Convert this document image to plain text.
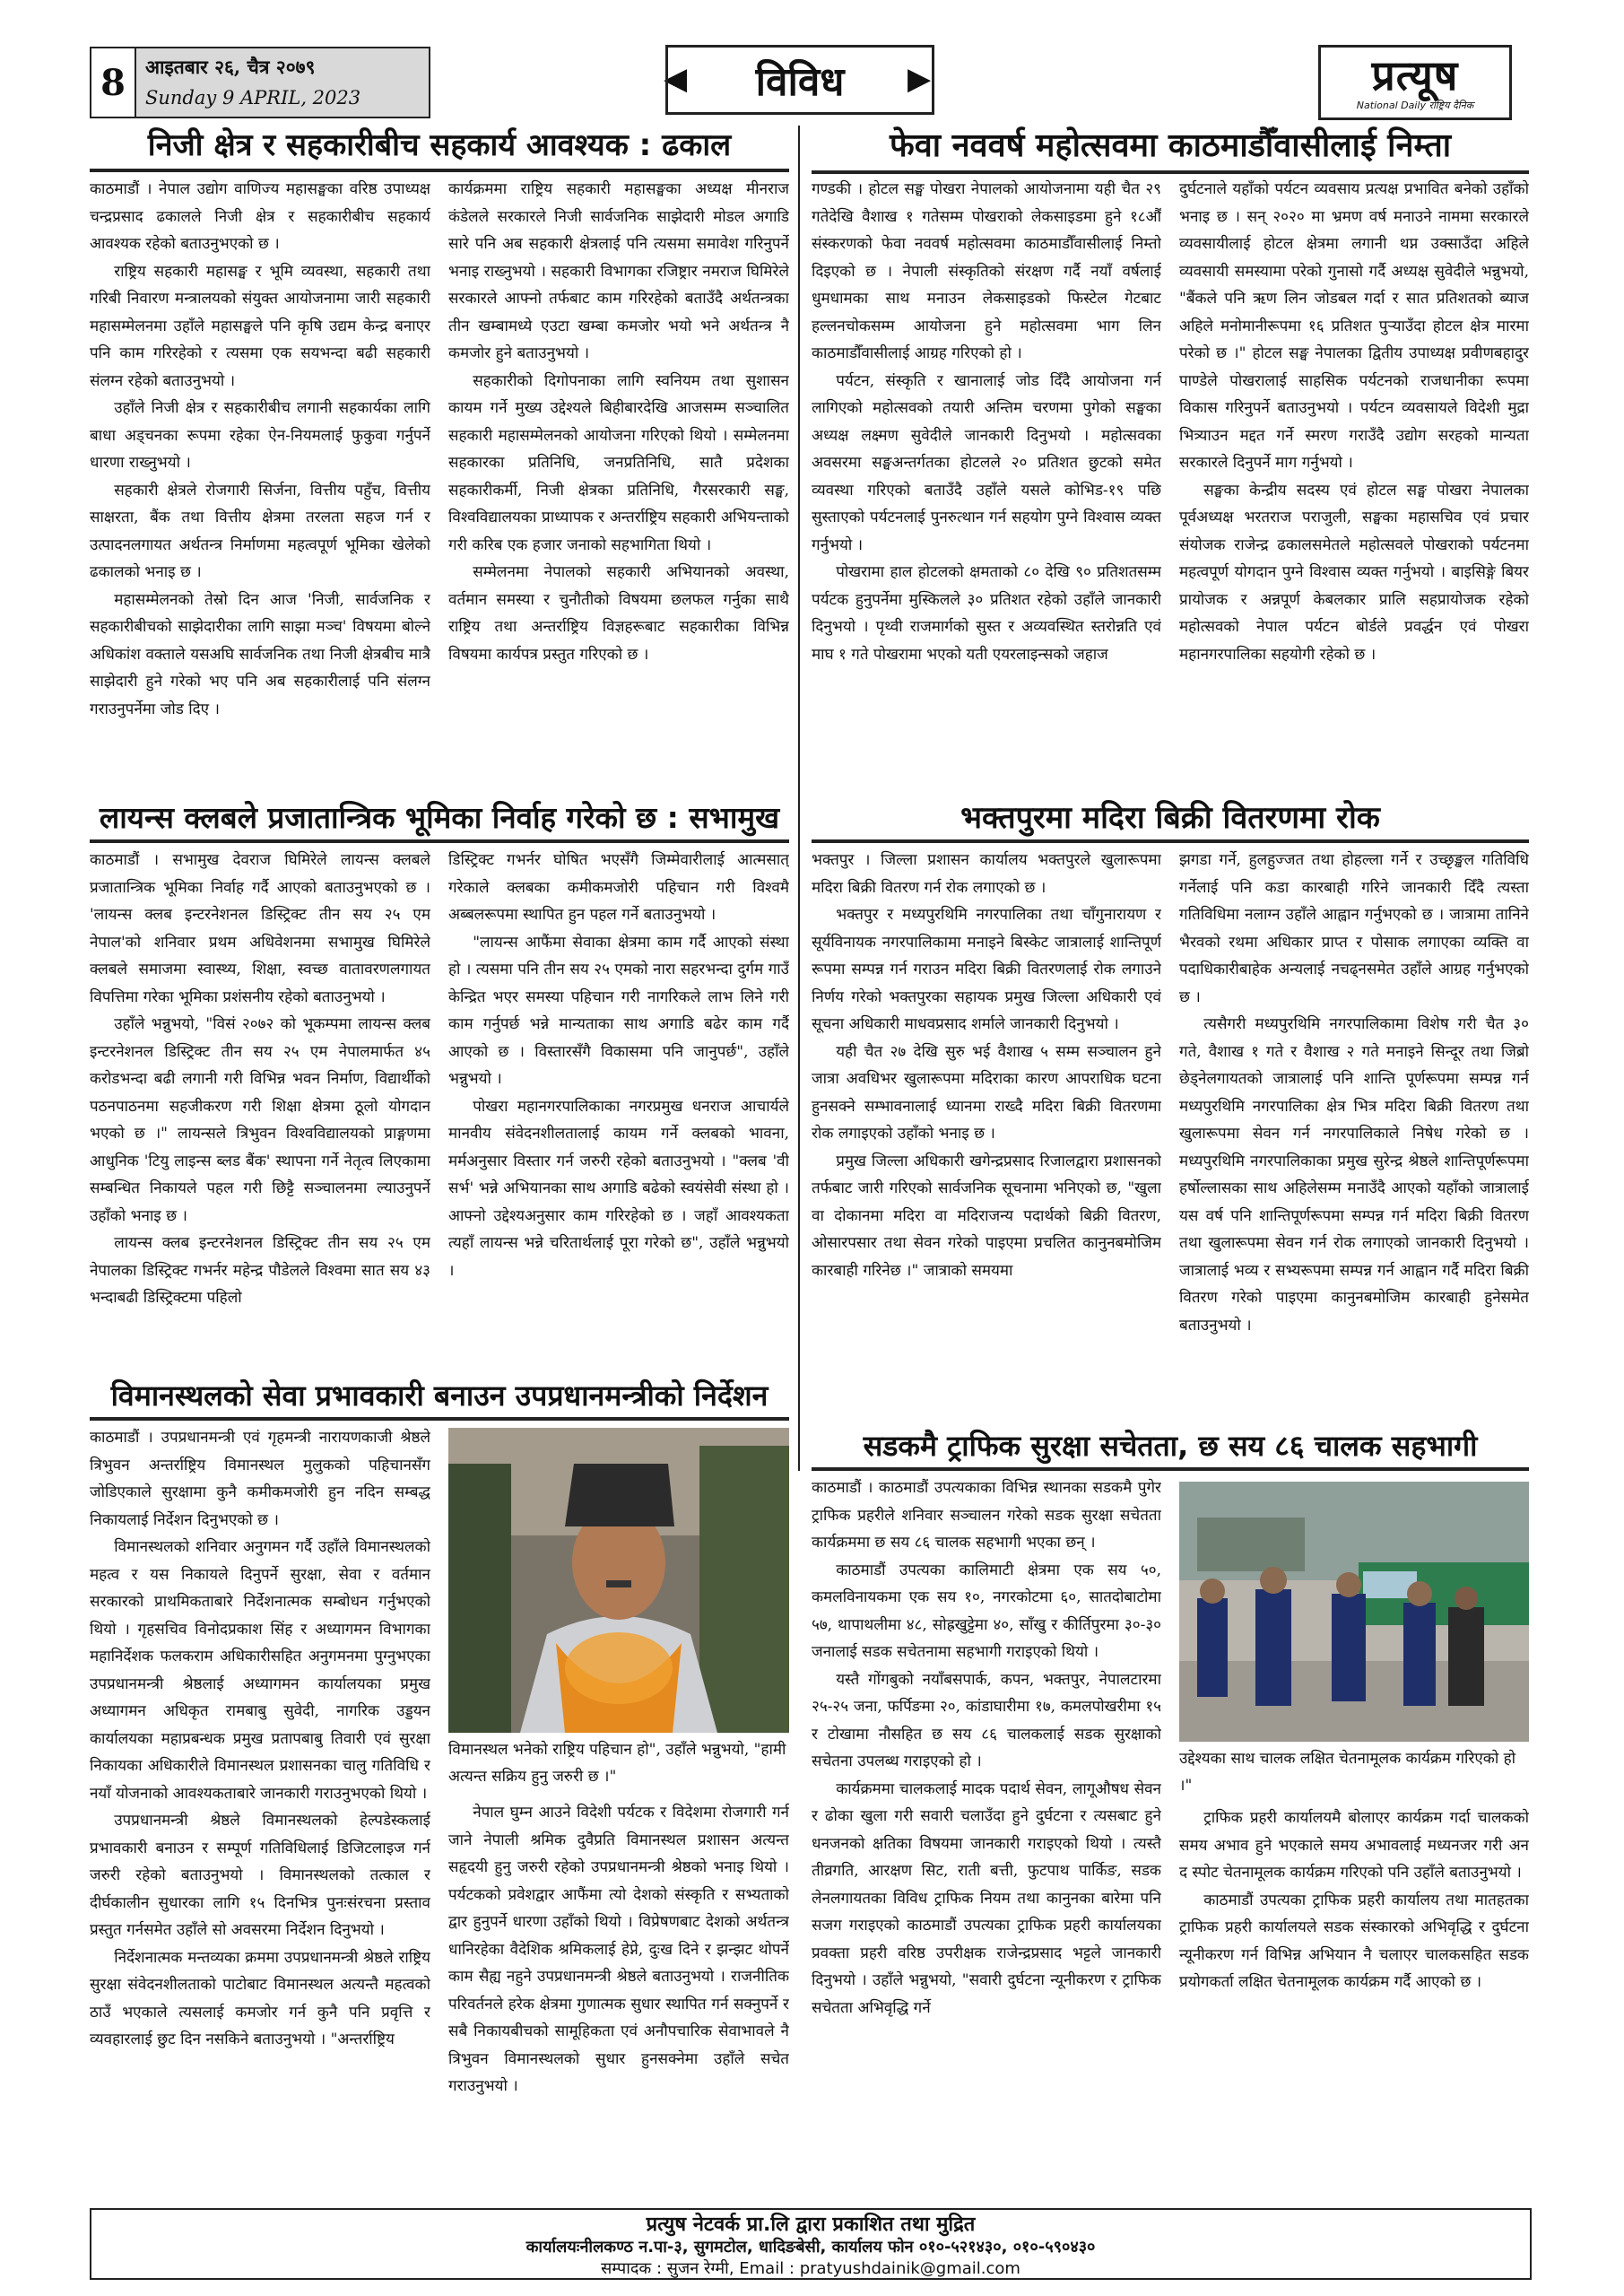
8	आइतबार २६, चैत्र २०७९
Sunday 9 APRIL, 2023
◀	विविध	▶	प्रत्यूष
National Daily राष्ट्रिय दैनिक
निजी क्षेत्र र सहकारीबीच सहकार्य आवश्यक : ढकाल

काठमाडौं । नेपाल उद्योग वाणिज्य महासङ्घका वरिष्ठ उपाध्यक्ष चन्द्रप्रसाद ढकालले निजी क्षेत्र र सहकारीबीच सहकार्य आवश्यक रहेको बताउनुभएको छ ।

राष्ट्रिय सहकारी महासङ्घ र भूमि व्यवस्था, सहकारी तथा गरिबी निवारण मन्त्रालयको संयुक्त आयोजनामा जारी सहकारी महासम्मेलनमा उहाँले महासङ्घले पनि कृषि उद्यम केन्द्र बनाएर पनि काम गरिरहेको र त्यसमा एक सयभन्दा बढी सहकारी संलग्न रहेको बताउनुभयो ।

उहाँले निजी क्षेत्र र सहकारीबीच लगानी सहकार्यका लागि बाधा अड्चनका रूपमा रहेका ऐन-नियमलाई फुकुवा गर्नुपर्ने धारणा राख्नुभयो ।

सहकारी क्षेत्रले रोजगारी सिर्जना, वित्तीय पहुँच, वित्तीय साक्षरता, बैंक तथा वित्तीय क्षेत्रमा तरलता सहज गर्न र उत्पादनलगायत अर्थतन्त्र निर्माणमा महत्वपूर्ण भूमिका खेलेको ढकालको भनाइ छ ।

महासम्मेलनको तेस्रो दिन आज 'निजी, सार्वजनिक र सहकारीबीचको साझेदारीका लागि साझा मञ्च' विषयमा बोल्ने अधिकांश वक्ताले यसअघि सार्वजनिक तथा निजी क्षेत्रबीच मात्रै साझेदारी हुने गरेको भए पनि अब सहकारीलाई पनि संलग्न गराउनुपर्नेमा जोड दिए ।

कार्यक्रममा राष्ट्रिय सहकारी महासङ्घका अध्यक्ष मीनराज कंडेलले सरकारले निजी सार्वजनिक साझेदारी मोडल अगाडि सारे पनि अब सहकारी क्षेत्रलाई पनि त्यसमा समावेश गरिनुपर्ने भनाइ राख्नुभयो । सहकारी विभागका रजिष्ट्रार नमराज घिमिरेले सरकारले आफ्नो तर्फबाट काम गरिरहेको बताउँदै अर्थतन्त्रका तीन खम्बामध्ये एउटा खम्बा कमजोर भयो भने अर्थतन्त्र नै कमजोर हुने बताउनुभयो ।

सहकारीको दिगोपनाका लागि स्वनियम तथा सुशासन कायम गर्ने मुख्य उद्देश्यले बिहीबारदेखि आजसम्म सञ्चालित सहकारी महासम्मेलनको आयोजना गरिएको थियो । सम्मेलनमा सहकारका प्रतिनिधि, जनप्रतिनिधि, सातै प्रदेशका सहकारीकर्मी, निजी क्षेत्रका प्रतिनिधि, गैरसरकारी सङ्घ, विश्वविद्यालयका प्राध्यापक र अन्तर्राष्ट्रिय सहकारी अभियन्ताको गरी करिब एक हजार जनाको सहभागिता थियो ।

सम्मेलनमा नेपालको सहकारी अभियानको अवस्था, वर्तमान समस्या र चुनौतीको विषयमा छलफल गर्नुका साथै राष्ट्रिय तथा अन्तर्राष्ट्रिय विज्ञहरूबाट सहकारीका विभिन्न विषयमा कार्यपत्र प्रस्तुत गरिएको छ ।

फेवा नववर्ष महोत्सवमा काठमाडौँवासीलाई निम्ता

गण्डकी । होटल सङ्घ पोखरा नेपालको आयोजनामा यही चैत २९ गतेदेखि वैशाख १ गतेसम्म पोखराको लेकसाइडमा हुने १८औँ संस्करणको फेवा नववर्ष महोत्सवमा काठमाडौँवासीलाई निम्तो दिइएको छ । नेपाली संस्कृतिको संरक्षण गर्दै नयाँ वर्षलाई धुमधामका साथ मनाउन लेकसाइडको फिस्टेल गेटबाट हल्लनचोकसम्म आयोजना हुने महोत्सवमा भाग लिन काठमाडौँवासीलाई आग्रह गरिएको हो ।

पर्यटन, संस्कृति र खानालाई जोड दिँदै आयोजना गर्न लागिएको महोत्सवको तयारी अन्तिम चरणमा पुगेको सङ्घका अध्यक्ष लक्ष्मण सुवेदीले जानकारी दिनुभयो । महोत्सवका अवसरमा सङ्घअन्तर्गतका होटलले २० प्रतिशत छुटको समेत व्यवस्था गरिएको बताउँदै उहाँले यसले कोभिड-१९ पछि सुस्ताएको पर्यटनलाई पुनरुत्थान गर्न सहयोग पुग्ने विश्वास व्यक्त गर्नुभयो ।

पोखरामा हाल होटलको क्षमताको ८० देखि ९० प्रतिशतसम्म पर्यटक हुनुपर्नेमा मुस्किलले ३० प्रतिशत रहेको उहाँले जानकारी दिनुभयो । पृथ्वी राजमार्गको सुस्त र अव्यवस्थित स्तरोन्नति एवं माघ १ गते पोखरामा भएको यती एयरलाइन्सको जहाज

दुर्घटनाले यहाँको पर्यटन व्यवसाय प्रत्यक्ष प्रभावित बनेको उहाँको भनाइ छ । सन् २०२० मा भ्रमण वर्ष मनाउने नाममा सरकारले व्यवसायीलाई होटल क्षेत्रमा लगानी थप्न उक्साउँदा अहिले व्यवसायी समस्यामा परेको गुनासो गर्दै अध्यक्ष सुवेदीले भन्नुभयो, "बैंकले पनि ऋण लिन जोडबल गर्दा र सात प्रतिशतको ब्याज अहिले मनोमानीरूपमा १६ प्रतिशत पुऱ्याउँदा होटल क्षेत्र मारमा परेको छ ।" होटल सङ्घ नेपालका द्वितीय उपाध्यक्ष प्रवीणबहादुर पाण्डेले पोखरालाई साहसिक पर्यटनको राजधानीका रूपमा विकास गरिनुपर्ने बताउनुभयो । पर्यटन व्यवसायले विदेशी मुद्रा भित्र्याउन मद्दत गर्ने स्मरण गराउँदै उद्योग सरहको मान्यता सरकारले दिनुपर्ने माग गर्नुभयो ।

सङ्घका केन्द्रीय सदस्य एवं होटल सङ्घ पोखरा नेपालका पूर्वअध्यक्ष भरतराज पराजुली, सङ्घका महासचिव एवं प्रचार संयोजक राजेन्द्र ढकालसमेतले महोत्सवले पोखराको पर्यटनमा महत्वपूर्ण योगदान पुग्ने विश्वास व्यक्त गर्नुभयो । बाइसिङ्गे बियर प्रायोजक र अन्नपूर्ण केबलकार प्रालि सहप्रायोजक रहेको महोत्सवको नेपाल पर्यटन बोर्डले प्रवर्द्धन एवं पोखरा महानगरपालिका सहयोगी रहेको छ ।

लायन्स क्लबले प्रजातान्त्रिक भूमिका निर्वाह गरेको छ : सभामुख

काठमाडौं । सभामुख देवराज घिमिरेले लायन्स क्लबले प्रजातान्त्रिक भूमिका निर्वाह गर्दै आएको बताउनुभएको छ । 'लायन्स क्लब इन्टरनेशनल डिस्ट्रिक्ट तीन सय २५ एम नेपाल'को शनिवार प्रथम अधिवेशनमा सभामुख घिमिरेले क्लबले समाजमा स्वास्थ्य, शिक्षा, स्वच्छ वातावरणलगायत विपत्तिमा गरेका भूमिका प्रशंसनीय रहेको बताउनुभयो ।

उहाँले भन्नुभयो, "विसं २०७२ को भूकम्पमा लायन्स क्लब इन्टरनेशनल डिस्ट्रिक्ट तीन सय २५ एम नेपालमार्फत ४५ करोडभन्दा बढी लगानी गरी विभिन्न भवन निर्माण, विद्यार्थीको पठनपाठनमा सहजीकरण गरी शिक्षा क्षेत्रमा ठूलो योगदान भएको छ ।" लायन्सले त्रिभुवन विश्वविद्यालयको प्राङ्गणमा आधुनिक 'टियु लाइन्स ब्लड बैंक' स्थापना गर्ने नेतृत्व लिएकामा सम्बन्धित निकायले पहल गरी छिट्टै सञ्चालनमा ल्याउनुपर्ने उहाँको भनाइ छ ।

लायन्स क्लब इन्टरनेशनल डिस्ट्रिक्ट तीन सय २५ एम नेपालका डिस्ट्रिक्ट गभर्नर महेन्द्र पौडेलले विश्वमा सात सय ४३ भन्दाबढी डिस्ट्रिक्टमा पहिलो

डिस्ट्रिक्ट गभर्नर घोषित भएसँगै जिम्मेवारीलाई आत्मसात् गरेकाले क्लबका कमीकमजोरी पहिचान गरी विश्वमै अब्बलरूपमा स्थापित हुन पहल गर्ने बताउनुभयो ।

"लायन्स आफैंमा सेवाका क्षेत्रमा काम गर्दै आएको संस्था हो । त्यसमा पनि तीन सय २५ एमको नारा सहरभन्दा दुर्गम गाउँ केन्द्रित भएर समस्या पहिचान गरी नागरिकले लाभ लिने गरी काम गर्नुपर्छ भन्ने मान्यताका साथ अगाडि बढेर काम गर्दै आएको छ । विस्तारसँगै विकासमा पनि जानुपर्छ", उहाँले भन्नुभयो ।

पोखरा महानगरपालिकाका नगरप्रमुख धनराज आचार्यले मानवीय संवेदनशीलतालाई कायम गर्ने क्लबको भावना, मर्मअनुसार विस्तार गर्न जरुरी रहेको बताउनुभयो । "क्लब 'वी सर्भ' भन्ने अभियानका साथ अगाडि बढेको स्वयंसेवी संस्था हो । आफ्नो उद्देश्यअनुसार काम गरिरहेको छ । जहाँ आवश्यकता त्यहाँ लायन्स भन्ने चरितार्थलाई पूरा गरेको छ", उहाँले भन्नुभयो ।

भक्तपुरमा मदिरा बिक्री वितरणमा रोक

भक्तपुर । जिल्ला प्रशासन कार्यालय भक्तपुरले खुलारूपमा मदिरा बिक्री वितरण गर्न रोक लगाएको छ ।

भक्तपुर र मध्यपुरथिमि नगरपालिका तथा चाँगुनारायण र सूर्यविनायक नगरपालिकामा मनाइने बिस्केट जात्रालाई शान्तिपूर्ण रूपमा सम्पन्न गर्न गराउन मदिरा बिक्री वितरणलाई रोक लगाउने निर्णय गरेको भक्तपुरका सहायक प्रमुख जिल्ला अधिकारी एवं सूचना अधिकारी माधवप्रसाद शर्माले जानकारी दिनुभयो ।

यही चैत २७ देखि सुरु भई वैशाख ५ सम्म सञ्चालन हुने जात्रा अवधिभर खुलारूपमा मदिराका कारण आपराधिक घटना हुनसक्ने सम्भावनालाई ध्यानमा राख्दै मदिरा बिक्री वितरणमा रोक लगाइएको उहाँको भनाइ छ ।

प्रमुख जिल्ला अधिकारी खगेन्द्रप्रसाद रिजालद्वारा प्रशासनको तर्फबाट जारी गरिएको सार्वजनिक सूचनामा भनिएको छ, "खुला वा दोकानमा मदिरा वा मदिराजन्य पदार्थको बिक्री वितरण, ओसारपसार तथा सेवन गरेको पाइएमा प्रचलित कानुनबमोजिम कारबाही गरिनेछ ।" जात्राको समयमा

झगडा गर्ने, हुलहुज्जत तथा होहल्ला गर्ने र उच्छृङ्खल गतिविधि गर्नेलाई पनि कडा कारबाही गरिने जानकारी दिँदै त्यस्ता गतिविधिमा नलाग्न उहाँले आह्वान गर्नुभएको छ । जात्रामा तानिने भैरवको रथमा अधिकार प्राप्त र पोसाक लगाएका व्यक्ति वा पदाधिकारीबाहेक अन्यलाई नचढ्नसमेत उहाँले आग्रह गर्नुभएको छ ।

त्यसैगरी मध्यपुरथिमि नगरपालिकामा विशेष गरी चैत ३० गते, वैशाख १ गते र वैशाख २ गते मनाइने सिन्दूर तथा जिब्रो छेड्नेलगायतको जात्रालाई पनि शान्ति पूर्णरूपमा सम्पन्न गर्न मध्यपुरथिमि नगरपालिका क्षेत्र भित्र मदिरा बिक्री वितरण तथा खुलारूपमा सेवन गर्न नगरपालिकाले निषेध गरेको छ । मध्यपुरथिमि नगरपालिकाका प्रमुख सुरेन्द्र श्रेष्ठले शान्तिपूर्णरूपमा हर्षोल्लासका साथ अहिलेसम्म मनाउँदै आएको यहाँको जात्रालाई यस वर्ष पनि शान्तिपूर्णरूपमा सम्पन्न गर्न मदिरा बिक्री वितरण तथा खुलारूपमा सेवन गर्न रोक लगाएको जानकारी दिनुभयो । जात्रालाई भव्य र सभ्यरूपमा सम्पन्न गर्न आह्वान गर्दै मदिरा बिक्री वितरण गरेको पाइएमा कानुनबमोजिम कारबाही हुनेसमेत बताउनुभयो ।

विमानस्थलको सेवा प्रभावकारी बनाउन उपप्रधानमन्त्रीको निर्देशन

काठमाडौं । उपप्रधानमन्त्री एवं गृहमन्त्री नारायणकाजी श्रेष्ठले त्रिभुवन अन्तर्राष्ट्रिय विमानस्थल मुलुकको पहिचानसँग जोडिएकाले सुरक्षामा कुनै कमीकमजोरी हुन नदिन सम्बद्ध निकायलाई निर्देशन दिनुभएको छ ।

विमानस्थलको शनिवार अनुगमन गर्दै उहाँले विमानस्थलको महत्व र यस निकायले दिनुपर्ने सुरक्षा, सेवा र वर्तमान सरकारको प्राथमिकताबारे निर्देशनात्मक सम्बोधन गर्नुभएको थियो । गृहसचिव विनोदप्रकाश सिंह र अध्यागमन विभागका महानिर्देशक फलकराम अधिकारीसहित अनुगमनमा पुग्नुभएका उपप्रधानमन्त्री श्रेष्ठलाई अध्यागमन कार्यालयका प्रमुख अध्यागमन अधिकृत रामबाबु सुवेदी, नागरिक उड्डयन कार्यालयका महाप्रबन्धक प्रमुख प्रतापबाबु तिवारी एवं सुरक्षा निकायका अधिकारीले विमानस्थल प्रशासनका चालु गतिविधि र नयाँ योजनाको आवश्यकताबारे जानकारी गराउनुभएको थियो ।

उपप्रधानमन्त्री श्रेष्ठले विमानस्थलको हेल्पडेस्कलाई प्रभावकारी बनाउन र सम्पूर्ण गतिविधिलाई डिजिटलाइज गर्न जरुरी रहेको बताउनुभयो । विमानस्थलको तत्काल र दीर्घकालीन सुधारका लागि १५ दिनभित्र पुनःसंरचना प्रस्ताव प्रस्तुत गर्नसमेत उहाँले सो अवसरमा निर्देशन दिनुभयो ।

निर्देशनात्मक मन्तव्यका क्रममा उपप्रधानमन्त्री श्रेष्ठले राष्ट्रिय सुरक्षा संवेदनशीलताको पाटोबाट विमानस्थल अत्यन्तै महत्वको ठाउँ भएकाले त्यसलाई कमजोर गर्न कुनै पनि प्रवृत्ति र व्यवहारलाई छुट दिन नसकिने बताउनुभयो । "अन्तर्राष्ट्रिय

विमानस्थल भनेको राष्ट्रिय पहिचान हो", उहाँले भन्नुभयो, "हामी अत्यन्त सक्रिय हुनु जरुरी छ ।"

नेपाल घुम्न आउने विदेशी पर्यटक र विदेशमा रोजगारी गर्न जाने नेपाली श्रमिक दुवैप्रति विमानस्थल प्रशासन अत्यन्त सहृदयी हुनु जरुरी रहेको उपप्रधानमन्त्री श्रेष्ठको भनाइ थियो । पर्यटकको प्रवेशद्वार आफैंमा त्यो देशको संस्कृति र सभ्यताको द्वार हुनुपर्ने धारणा उहाँको थियो । विप्रेषणबाट देशको अर्थतन्त्र धानिरहेका वैदेशिक श्रमिकलाई हेप्ने, दुःख दिने र झन्झट थोपर्ने काम सैह्य नहुने उपप्रधानमन्त्री श्रेष्ठले बताउनुभयो । राजनीतिक परिवर्तनले हरेक क्षेत्रमा गुणात्मक सुधार स्थापित गर्न सक्नुपर्ने र सबै निकायबीचको सामूहिकता एवं अनौपचारिक सेवाभावले नै त्रिभुवन विमानस्थलको सुधार हुनसक्नेमा उहाँले सचेत गराउनुभयो ।

सडकमै ट्राफिक सुरक्षा सचेतता, छ सय ८६ चालक सहभागी

काठमाडौं । काठमाडौं उपत्यकाका विभिन्न स्थानका सडकमै पुगेर ट्राफिक प्रहरीले शनिवार सञ्चालन गरेको सडक सुरक्षा सचेतता कार्यक्रममा छ सय ८६ चालक सहभागी भएका छन् ।

काठमाडौं उपत्यका कालिमाटी क्षेत्रमा एक सय ५०, कमलविनायकमा एक सय १०, नगरकोटमा ६०, सातदोबाटोमा ५७, थापाथलीमा ४८, सोह्रखुट्टेमा ४०, साँखु र कीर्तिपुरमा ३०-३० जनालाई सडक सचेतनामा सहभागी गराइएको थियो ।

यस्तै गोंगबुको नयाँबसपार्क, कपन, भक्तपुर, नेपालटारमा २५-२५ जना, फर्पिङमा २०, कांडाघारीमा १७, कमलपोखरीमा १५ र टोखामा नौसहित छ सय ८६ चालकलाई सडक सुरक्षाको सचेतना उपलब्ध गराइएको हो ।

कार्यक्रममा चालकलाई मादक पदार्थ सेवन, लागूऔषध सेवन र ढोका खुला गरी सवारी चलाउँदा हुने दुर्घटना र त्यसबाट हुने धनजनको क्षतिका विषयमा जानकारी गराइएको थियो । त्यस्तै तीव्रगति, आरक्षण सिट, राती बत्ती, फुटपाथ पार्किङ, सडक लेनलगायतका विविध ट्राफिक नियम तथा कानुनका बारेमा पनि सजग गराइएको काठमाडौं उपत्यका ट्राफिक प्रहरी कार्यालयका प्रवक्ता प्रहरी वरिष्ठ उपरीक्षक राजेन्द्रप्रसाद भट्टले जानकारी दिनुभयो । उहाँले भन्नुभयो, "सवारी दुर्घटना न्यूनीकरण र ट्राफिक सचेतता अभिवृद्धि गर्ने

उद्देश्यका साथ चालक लक्षित चेतनामूलक कार्यक्रम गरिएको हो ।"

ट्राफिक प्रहरी कार्यालयमै बोलाएर कार्यक्रम गर्दा चालकको समय अभाव हुने भएकाले समय अभावलाई मध्यनजर गरी अन द स्पोट चेतनामूलक कार्यक्रम गरिएको पनि उहाँले बताउनुभयो ।

काठमाडौं उपत्यका ट्राफिक प्रहरी कार्यालय तथा मातहतका ट्राफिक प्रहरी कार्यालयले सडक संस्कारको अभिवृद्धि र दुर्घटना न्यूनीकरण गर्न विभिन्न अभियान नै चलाएर चालकसहित सडक प्रयोगकर्ता लक्षित चेतनामूलक कार्यक्रम गर्दै आएको छ ।

प्रत्युष नेटवर्क प्रा.लि द्वारा प्रकाशित तथा मुद्रित
कार्यालयःनीलकण्ठ न.पा-३, सुगमटोल, धादिङबेसी, कार्यालय फोन ०१०-५२१४३०, ०१०-५९०४३०
सम्पादक : सुजन रेग्मी, Email : pratyushdainik@gmail.com
